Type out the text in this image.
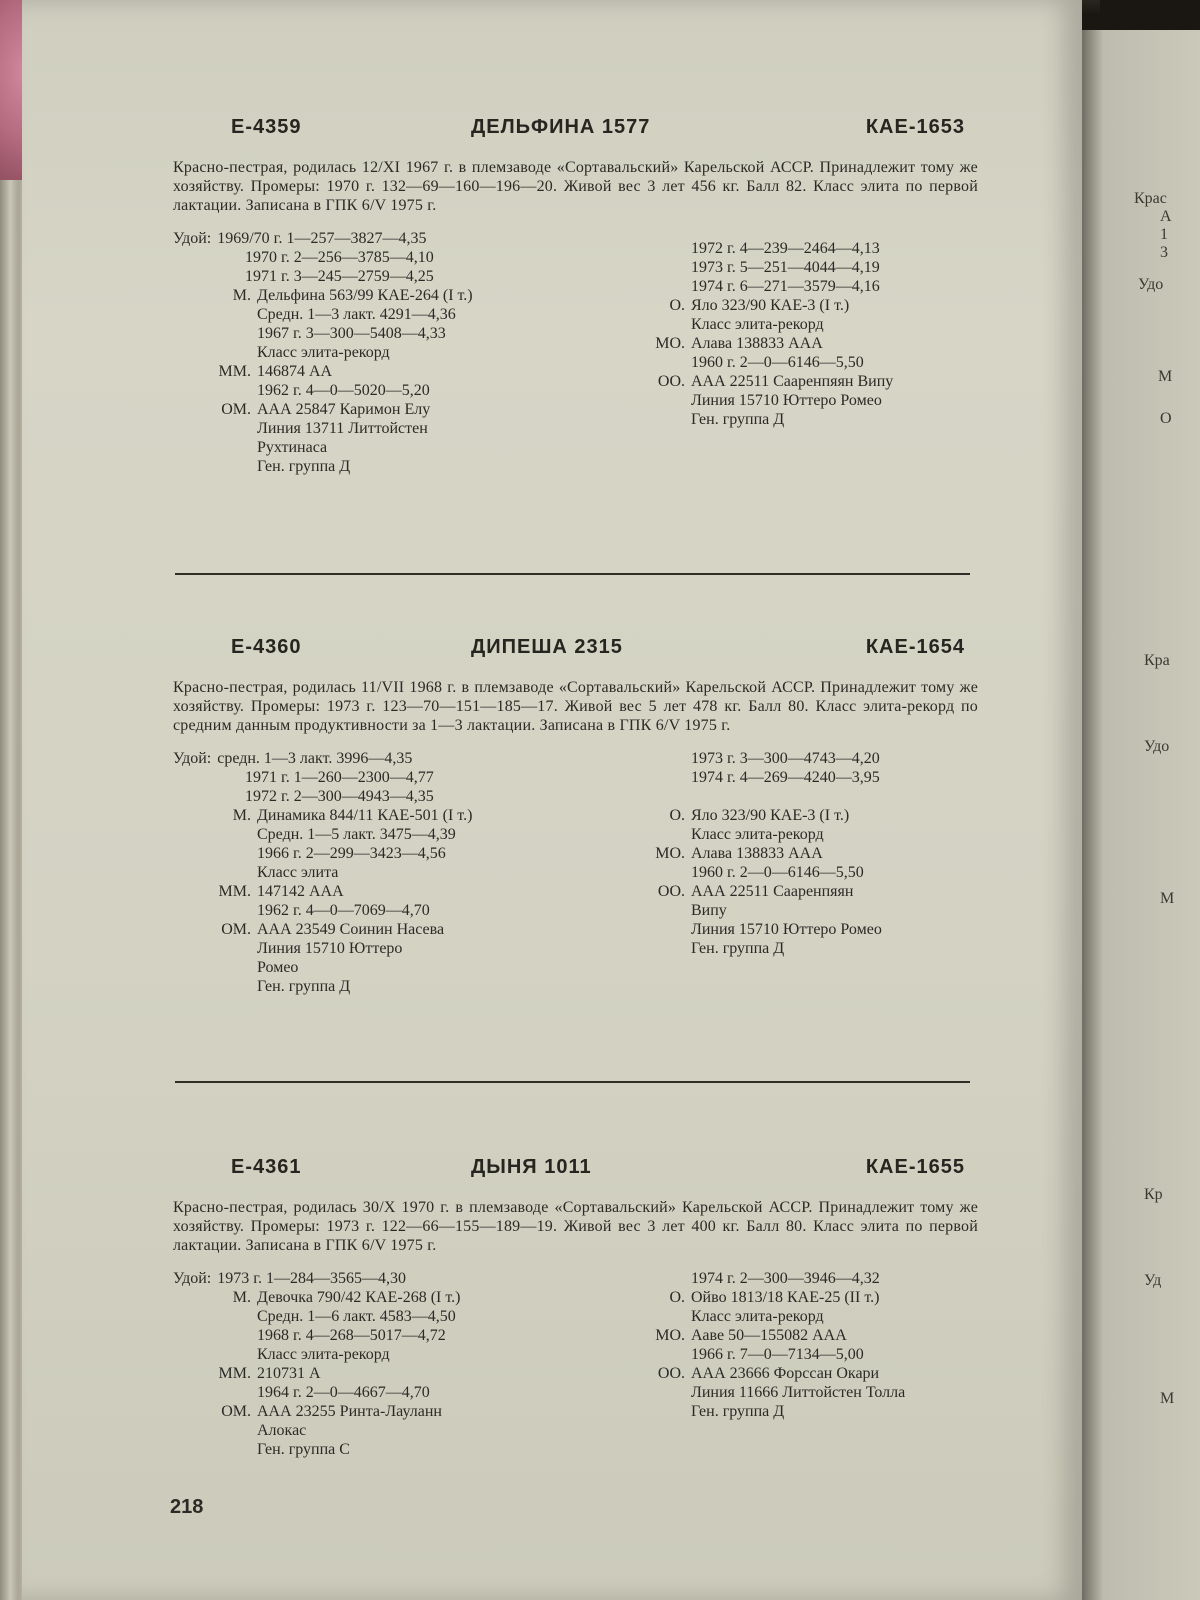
Крас
А
1
3
Удо
М
О
Кра
Удо
М
Кр
Уд
М
Е-4359	ДЕЛЬФИНА 1577	КАЕ-1653
Красно-пестрая, родилась 12/XI 1967 г. в племзаводе «Сортавальский» Карельской АССР. Принадлежит тому же хозяйству. Промеры: 1970 г. 132—69—160—196—20. Живой вес 3 лет 456 кг. Балл 82. Класс элита по первой лактации. Записана в ГПК 6/V 1975 г.
Удой: 1969/70 г. 1—257—3827—4,35
1970 г. 2—256—3785—4,10
1971 г. 3—245—2759—4,25
М. Дельфина 563/99 КАЕ-264 (I т.)
Средн. 1—3 лакт. 4291—4,36
1967 г. 3—300—5408—4,33
Класс элита-рекорд
ММ. 146874 АА
1962 г. 4—0—5020—5,20
ОМ. ААА 25847 Каримон Елу
Линия 13711 Литтойстен
Рухтинаса
Ген. группа Д
1972 г. 4—239—2464—4,13
1973 г. 5—251—4044—4,19
1974 г. 6—271—3579—4,16
О. Яло 323/90 КАЕ-3 (I т.)
Класс элита-рекорд
МО. Алава 138833 ААА
1960 г. 2—0—6146—5,50
ОО. ААА 22511 Сааренпяян Випу
Линия 15710 Юттеро Ромео
Ген. группа Д
Е-4360	ДИПЕША 2315	КАЕ-1654
Красно-пестрая, родилась 11/VII 1968 г. в племзаводе «Сортавальский» Карельской АССР. Принадлежит тому же хозяйству. Промеры: 1973 г. 123—70—151—185—17. Живой вес 5 лет 478 кг. Балл 80. Класс элита-рекорд по средним данным продуктивности за 1—3 лактации. Записана в ГПК 6/V 1975 г.
Удой: средн. 1—3 лакт. 3996—4,35
1971 г. 1—260—2300—4,77
1972 г. 2—300—4943—4,35
М. Динамика 844/11 КАЕ-501 (I т.)
Средн. 1—5 лакт. 3475—4,39
1966 г. 2—299—3423—4,56
Класс элита
ММ. 147142 ААА
1962 г. 4—0—7069—4,70
ОМ. ААА 23549 Соинин Насева
Линия 15710 Юттеро
Ромео
Ген. группа Д
1973 г. 3—300—4743—4,20
1974 г. 4—269—4240—3,95
О. Яло 323/90 КАЕ-3 (I т.)
Класс элита-рекорд
МО. Алава 138833 ААА
1960 г. 2—0—6146—5,50
ОО. ААА 22511 Сааренпяян
Випу
Линия 15710 Юттеро Ромео
Ген. группа Д
Е-4361	ДЫНЯ 1011	КАЕ-1655
Красно-пестрая, родилась 30/X 1970 г. в племзаводе «Сортавальский» Карельской АССР. Принадлежит тому же хозяйству. Промеры: 1973 г. 122—66—155—189—19. Живой вес 3 лет 400 кг. Балл 80. Класс элита по первой лактации. Записана в ГПК 6/V 1975 г.
Удой: 1973 г. 1—284—3565—4,30
М. Девочка 790/42 КАЕ-268 (I т.)
Средн. 1—6 лакт. 4583—4,50
1968 г. 4—268—5017—4,72
Класс элита-рекорд
ММ. 210731 А
1964 г. 2—0—4667—4,70
ОМ. ААА 23255 Ринта-Лауланн
Алокас
Ген. группа С
1974 г. 2—300—3946—4,32
О. Ойво 1813/18 КАЕ-25 (II т.)
Класс элита-рекорд
МО. Аавe 50—155082 ААА
1966 г. 7—0—7134—5,00
ОО. ААА 23666 Форссан Окари
Линия 11666 Литтойстен Толла
Ген. группа Д
218
